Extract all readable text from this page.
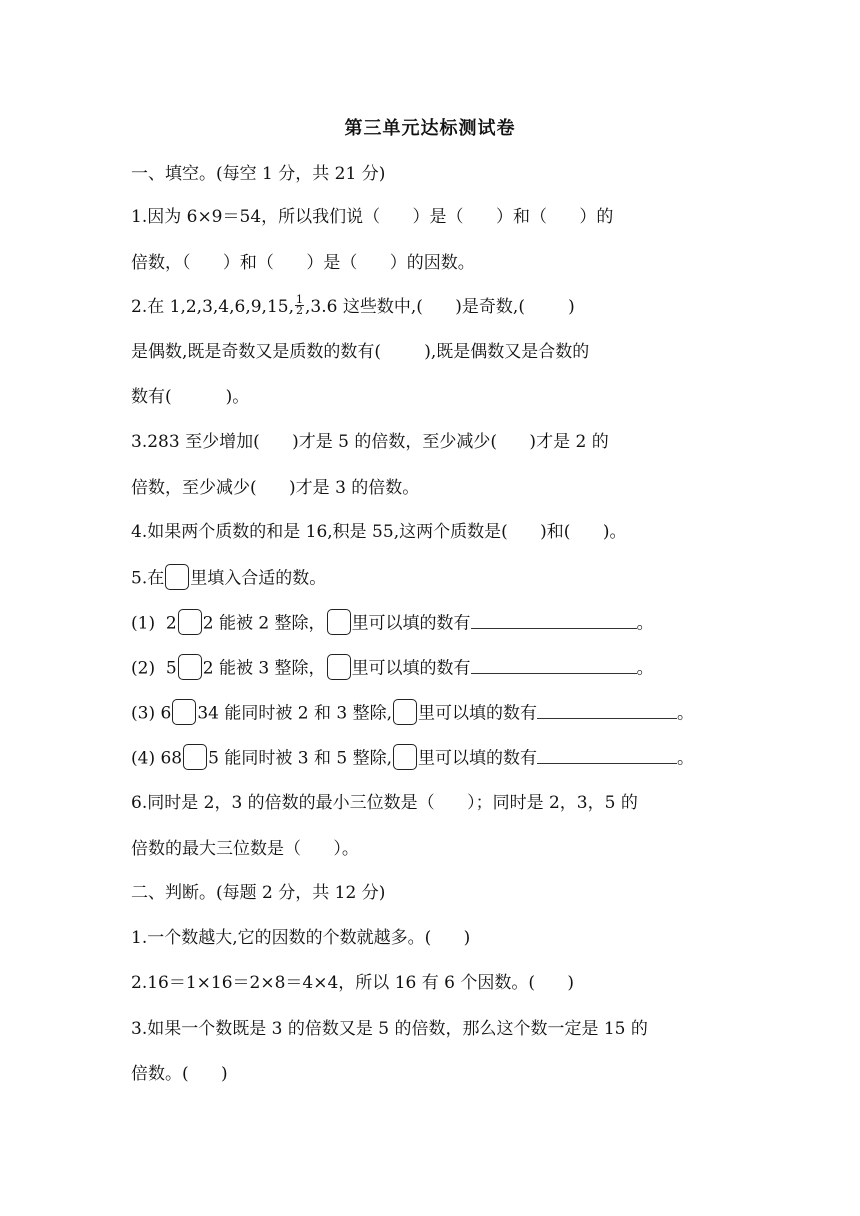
第三单元达标测试卷
一、填空。(每空 1 分，共 21 分)
1.因为 6×9＝54，所以我们说（      ）是（      ）和（      ）的
倍数，（      ）和（      ）是（      ）的因数。
2.在 1,2,3,4,6,9,15, $\frac{1}{2} ,3.6$ 这些数中,(      )是奇数,(        )
是偶数,既是奇数又是质数的数有(        ),既是偶数又是合数的
数有(          )。
3.283 至少增加(      )才是 5 的倍数，至少减少(      )才是 2 的
倍数，至少减少(      )才是 3 的倍数。
4.如果两个质数的和是 16,积是 55,这两个质数是(      )和(      )。
5.在 里填入合适的数。
(1)  2 2 能被 2 整除， 里可以填的数有	。
(2)  5 2 能被 3 整除， 里可以填的数有	。
(3) 6 34 能同时被 2 和 3 整除, 里可以填的数有	。
(4) 68 5 能同时被 3 和 5 整除, 里可以填的数有	。
6.同时是 2，3 的倍数的最小三位数是（      ）；同时是 2，3，5 的
倍数的最大三位数是（      ）。
二、判断。(每题 2 分，共 12 分)
1.一个数越大,它的因数的个数就越多。(      )
2.16＝1×16＝2×8＝4×4，所以 16 有 6 个因数。(      )
3.如果一个数既是 3 的倍数又是 5 的倍数，那么这个数一定是 15 的
倍数。(      )
